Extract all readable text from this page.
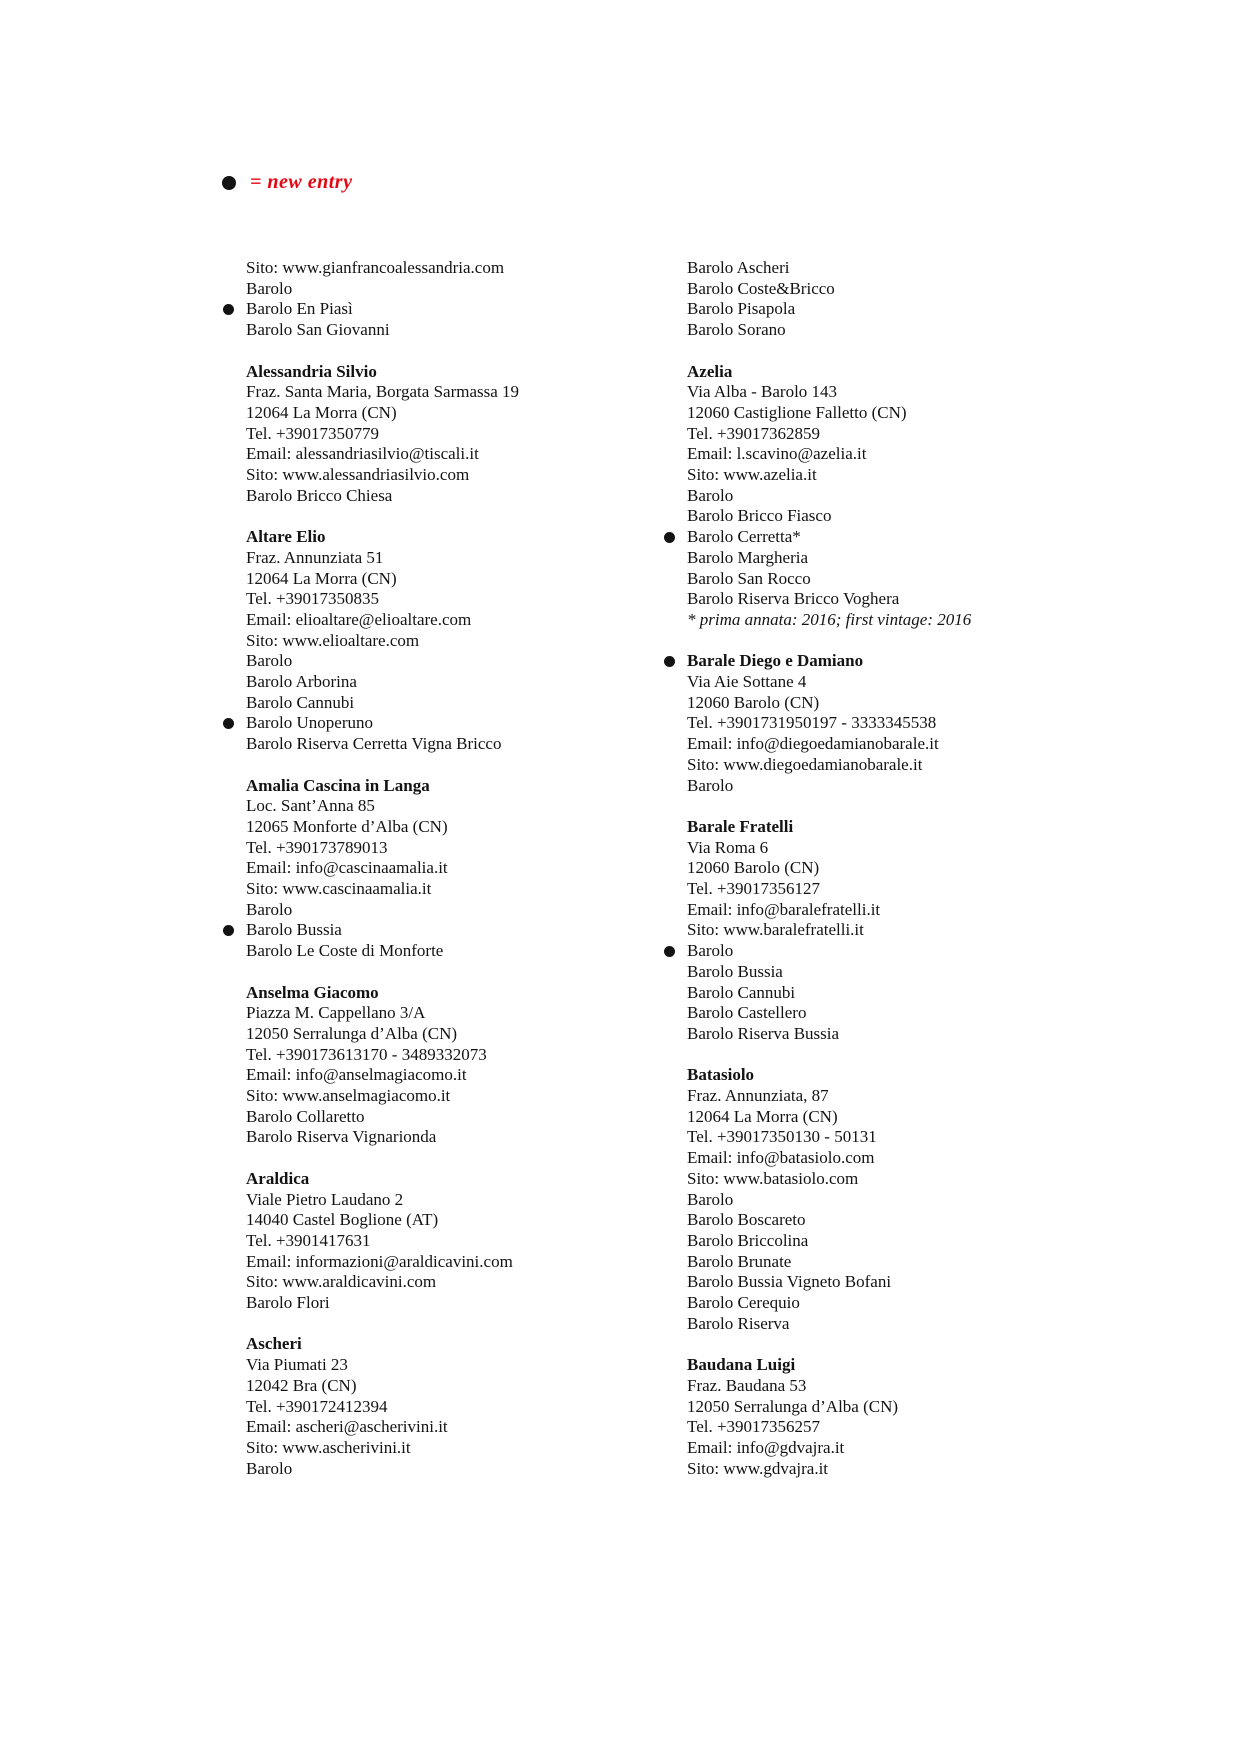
= new entry
Sito: www.gianfrancoalessandria.com
Barolo
Barolo En Piasì
Barolo San Giovanni
Alessandria Silvio
Fraz. Santa Maria, Borgata Sarmassa 19
12064 La Morra (CN)
Tel. +39017350779
Email: alessandriasilvio@tiscali.it
Sito: www.alessandriasilvio.com
Barolo Bricco Chiesa
Altare Elio
Fraz. Annunziata 51
12064 La Morra (CN)
Tel. +39017350835
Email: elioaltare@elioaltare.com
Sito: www.elioaltare.com
Barolo
Barolo Arborina
Barolo Cannubi
Barolo Unoperuno
Barolo Riserva Cerretta Vigna Bricco
Amalia Cascina in Langa
Loc. Sant’Anna 85
12065 Monforte d’Alba (CN)
Tel. +390173789013
Email: info@cascinaamalia.it
Sito: www.cascinaamalia.it
Barolo
Barolo Bussia
Barolo Le Coste di Monforte
Anselma Giacomo
Piazza M. Cappellano 3/A
12050 Serralunga d’Alba (CN)
Tel. +390173613170 - 3489332073
Email: info@anselmagiacomo.it
Sito: www.anselmagiacomo.it
Barolo Collaretto
Barolo Riserva Vignarionda
Araldica
Viale Pietro Laudano 2
14040 Castel Boglione (AT)
Tel. +3901417631
Email: informazioni@araldicavini.com
Sito: www.araldicavini.com
Barolo Flori
Ascheri
Via Piumati 23
12042 Bra (CN)
Tel. +390172412394
Email: ascheri@ascherivini.it
Sito: www.ascherivini.it
Barolo
Barolo Ascheri
Barolo Coste&Bricco
Barolo Pisapola
Barolo Sorano
Azelia
Via Alba - Barolo 143
12060 Castiglione Falletto (CN)
Tel. +39017362859
Email: l.scavino@azelia.it
Sito: www.azelia.it
Barolo
Barolo Bricco Fiasco
Barolo Cerretta*
Barolo Margheria
Barolo San Rocco
Barolo Riserva Bricco Voghera
* prima annata: 2016; first vintage: 2016
Barale Diego e Damiano
Via Aie Sottane 4
12060 Barolo (CN)
Tel. +3901731950197 - 3333345538
Email: info@diegoedamianobarale.it
Sito: www.diegoedamianobarale.it
Barolo
Barale Fratelli
Via Roma 6
12060 Barolo (CN)
Tel. +39017356127
Email: info@baralefratelli.it
Sito: www.baralefratelli.it
Barolo
Barolo Bussia
Barolo Cannubi
Barolo Castellero
Barolo Riserva Bussia
Batasiolo
Fraz. Annunziata, 87
12064 La Morra (CN)
Tel. +39017350130 - 50131
Email: info@batasiolo.com
Sito: www.batasiolo.com
Barolo
Barolo Boscareto
Barolo Briccolina
Barolo Brunate
Barolo Bussia Vigneto Bofani
Barolo Cerequio
Barolo Riserva
Baudana Luigi
Fraz. Baudana 53
12050 Serralunga d’Alba (CN)
Tel. +39017356257
Email: info@gdvajra.it
Sito: www.gdvajra.it
